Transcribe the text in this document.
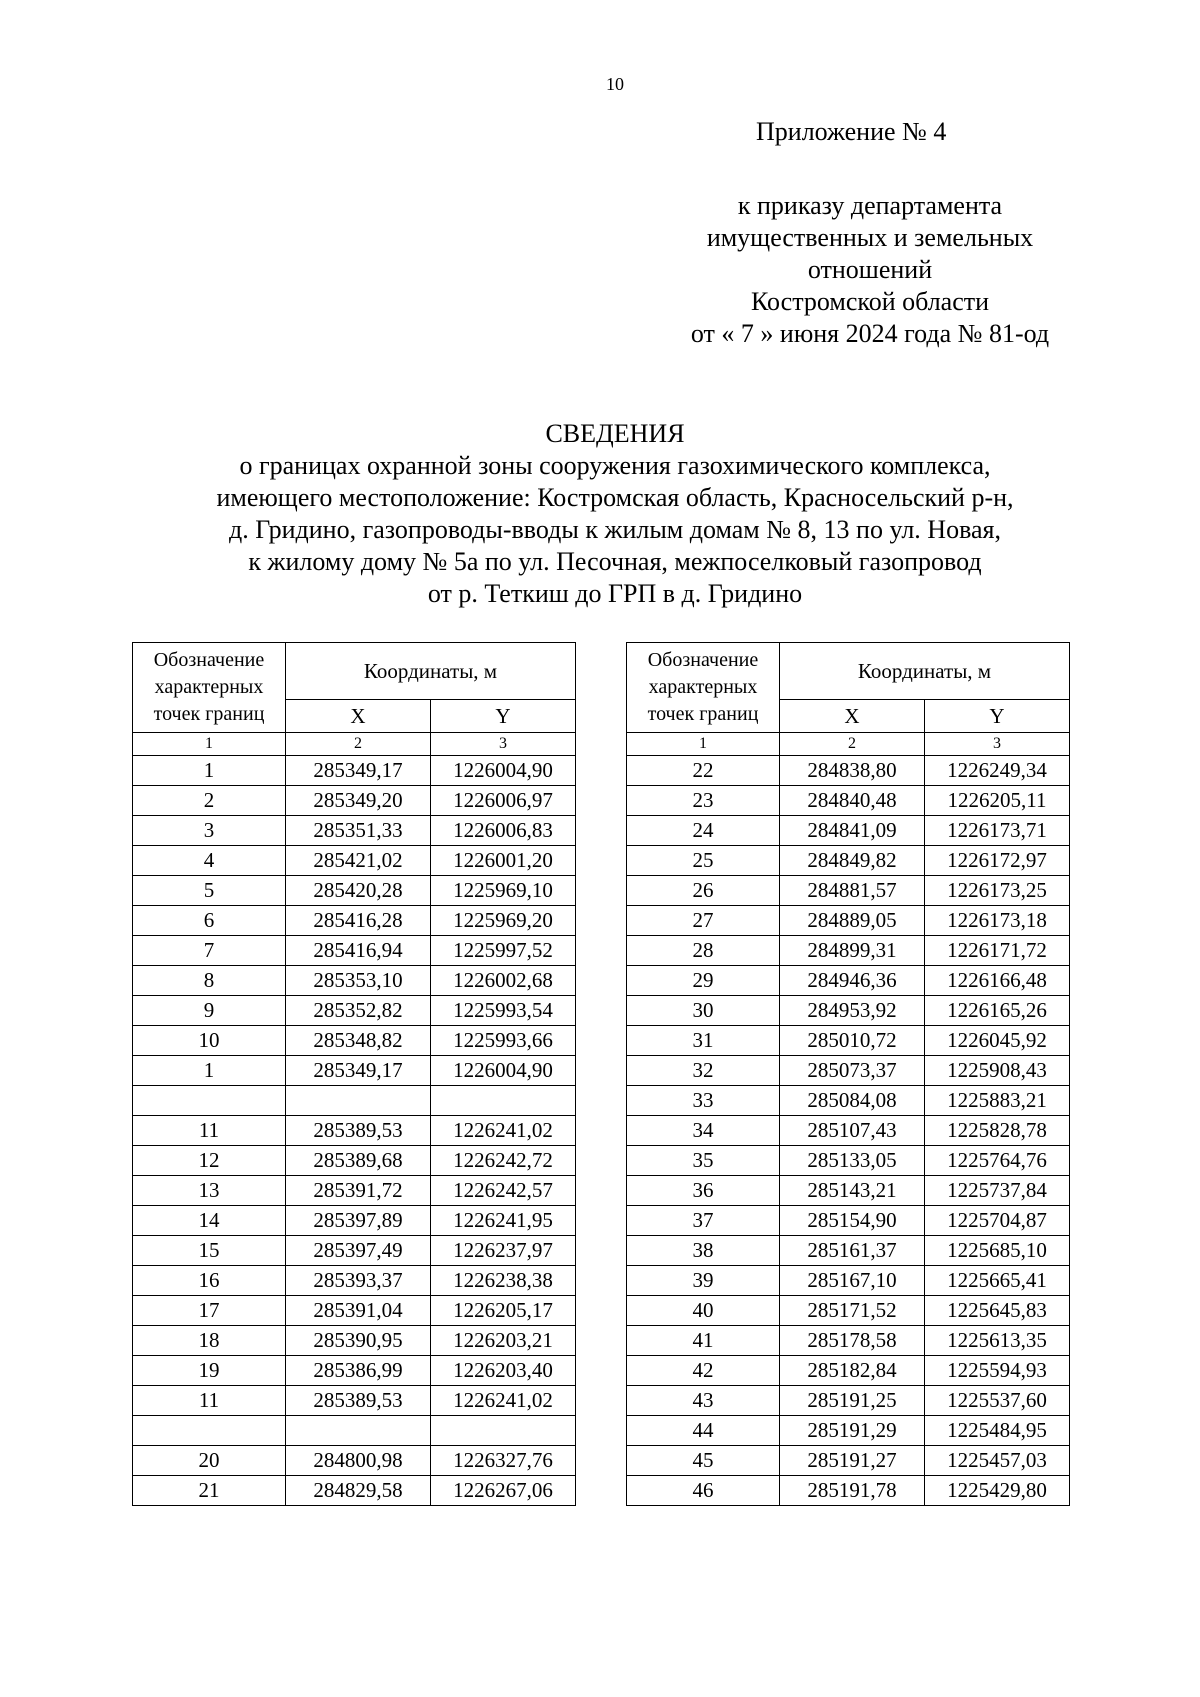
10
Приложение № 4
к приказу департамента
имущественных и земельных
отношений
Костромской области
от « 7 » июня 2024 года № 81-од
СВЕДЕНИЯ
о границах охранной зоны сооружения газохимического комплекса,
имеющего местоположение: Костромская область, Красносельский р-н,
д. Гридино, газопроводы-вводы к жилым домам № 8, 13 по ул. Новая,
к жилому дому № 5а по ул. Песочная, межпоселковый газопровод
от р. Теткиш до ГРП в д. Гридино
Обозначение
характерных
точек границ	Координаты, м	
	X	Y
1	2	3
1	285349,17	1226004,90
2	285349,20	1226006,97
3	285351,33	1226006,83
4	285421,02	1226001,20
5	285420,28	1225969,10
6	285416,28	1225969,20
7	285416,94	1225997,52
8	285353,10	1226002,68
9	285352,82	1225993,54
10	285348,82	1225993,66
1	285349,17	1226004,90

11	285389,53	1226241,02
12	285389,68	1226242,72
13	285391,72	1226242,57
14	285397,89	1226241,95
15	285397,49	1226237,97
16	285393,37	1226238,38
17	285391,04	1226205,17
18	285390,95	1226203,21
19	285386,99	1226203,40
11	285389,53	1226241,02

20	284800,98	1226327,76
21	284829,58	1226267,06
Обозначение
характерных
точек границ	Координаты, м	
	X	Y
1	2	3
22	284838,80	1226249,34
23	284840,48	1226205,11
24	284841,09	1226173,71
25	284849,82	1226172,97
26	284881,57	1226173,25
27	284889,05	1226173,18
28	284899,31	1226171,72
29	284946,36	1226166,48
30	284953,92	1226165,26
31	285010,72	1226045,92
32	285073,37	1225908,43
33	285084,08	1225883,21
34	285107,43	1225828,78
35	285133,05	1225764,76
36	285143,21	1225737,84
37	285154,90	1225704,87
38	285161,37	1225685,10
39	285167,10	1225665,41
40	285171,52	1225645,83
41	285178,58	1225613,35
42	285182,84	1225594,93
43	285191,25	1225537,60
44	285191,29	1225484,95
45	285191,27	1225457,03
46	285191,78	1225429,80
